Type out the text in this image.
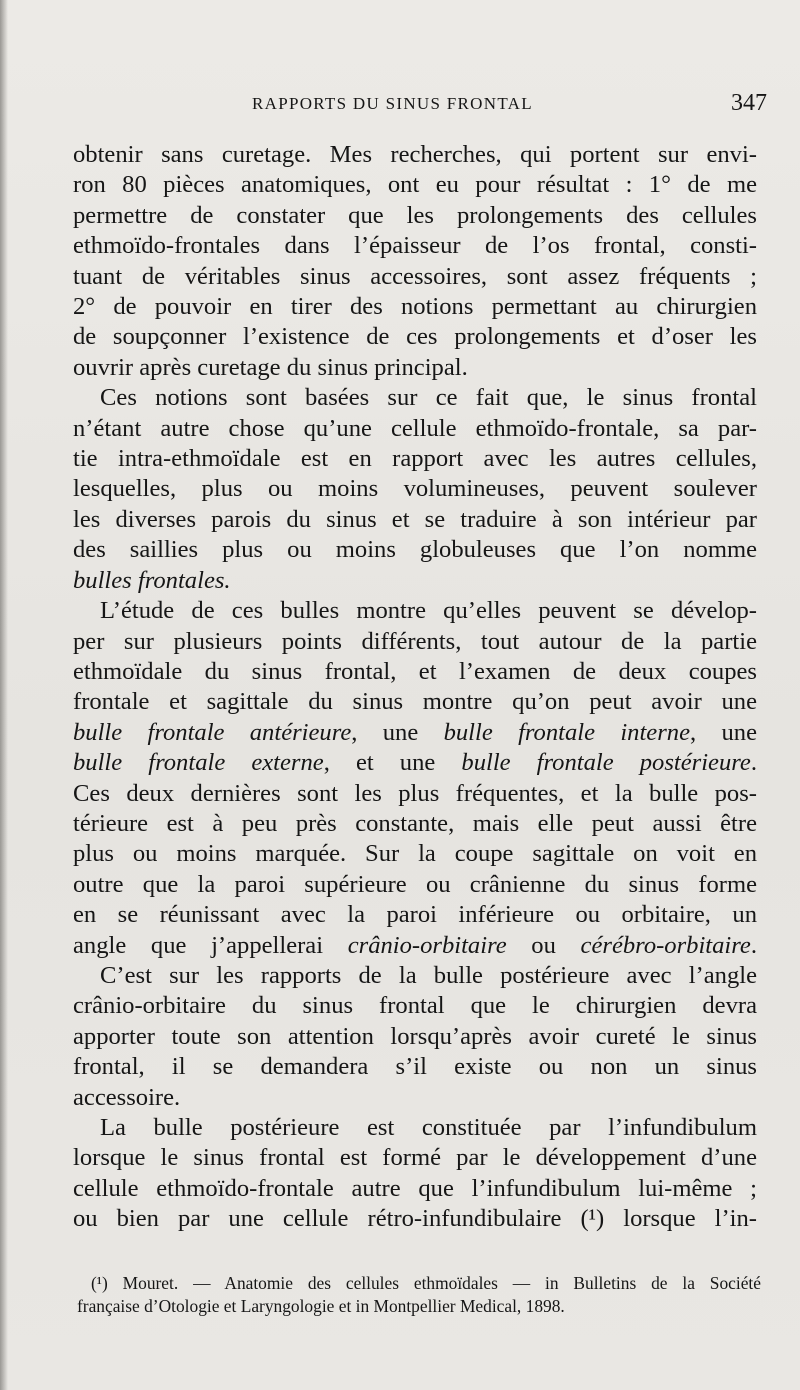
RAPPORTS DU SINUS FRONTAL	347
obtenir sans curetage. Mes recherches, qui portent sur envi-
ron 80 pièces anatomiques, ont eu pour résultat : 1° de me
permettre de constater que les prolongements des cellules
ethmoïdo-frontales dans l’épaisseur de l’os frontal, consti-
tuant de véritables sinus accessoires, sont assez fréquents ;
2° de pouvoir en tirer des notions permettant au chirurgien
de soupçonner l’existence de ces prolongements et d’oser les
ouvrir après curetage du sinus principal.
Ces notions sont basées sur ce fait que, le sinus frontal
n’étant autre chose qu’une cellule ethmoïdo-frontale, sa par-
tie intra-ethmoïdale est en rapport avec les autres cellules,
lesquelles, plus ou moins volumineuses, peuvent soulever
les diverses parois du sinus et se traduire à son intérieur par
des saillies plus ou moins globuleuses que l’on nomme
bulles frontales.
L’étude de ces bulles montre qu’elles peuvent se dévelop-
per sur plusieurs points différents, tout autour de la partie
ethmoïdale du sinus frontal, et l’examen de deux coupes
frontale et sagittale du sinus montre qu’on peut avoir une
bulle frontale antérieure, une bulle frontale interne, une
bulle frontale externe, et une bulle frontale postérieure.
Ces deux dernières sont les plus fréquentes, et la bulle pos-
térieure est à peu près constante, mais elle peut aussi être
plus ou moins marquée. Sur la coupe sagittale on voit en
outre que la paroi supérieure ou crânienne du sinus forme
en se réunissant avec la paroi inférieure ou orbitaire, un
angle que j’appellerai crânio-orbitaire ou cérébro-orbitaire.
C’est sur les rapports de la bulle postérieure avec l’angle
crânio-orbitaire du sinus frontal que le chirurgien devra
apporter toute son attention lorsqu’après avoir cureté le sinus
frontal, il se demandera s’il existe ou non un sinus
accessoire.
La bulle postérieure est constituée par l’infundibulum
lorsque le sinus frontal est formé par le développement d’une
cellule ethmoïdo-frontale autre que l’infundibulum lui-même ;
ou bien par une cellule rétro-infundibulaire (¹) lorsque l’in-
(¹) Mouret. — Anatomie des cellules ethmoïdales — in Bulletins de la Société
française d’Otologie et Laryngologie et in Montpellier Medical, 1898.
